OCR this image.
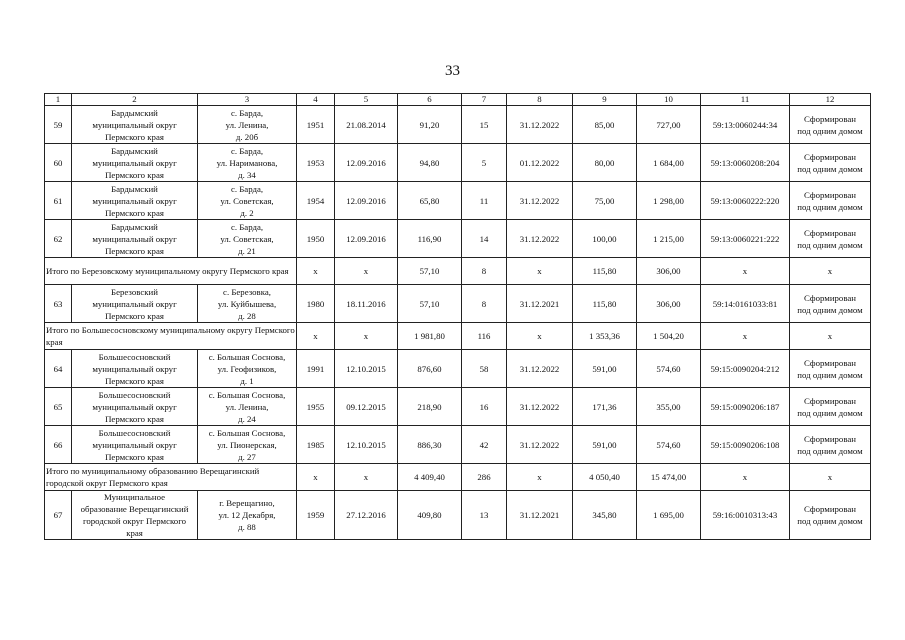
33
1	2	3	4	5	6	7	8	9	10	11	12
59	Бардымский
муниципальный округ
Пермского края	с. Барда,
ул. Ленина,
д. 20б	1951	21.08.2014	91,20	15	31.12.2022	85,00	727,00	59:13:0060244:34	Сформирован
под одним домом

60	Бардымский
муниципальный округ
Пермского края	с. Барда,
ул. Нариманова,
д. 34	1953	12.09.2016	94,80	5	01.12.2022	80,00	1 684,00	59:13:0060208:204	Сформирован
под одним домом

61	Бардымский
муниципальный округ
Пермского края	с. Барда,
ул. Советская,
д. 2	1954	12.09.2016	65,80	11	31.12.2022	75,00	1 298,00	59:13:0060222:220	Сформирован
под одним домом

62	Бардымский
муниципальный округ
Пермского края	с. Барда,
ул. Советская,
д. 21	1950	12.09.2016	116,90	14	31.12.2022	100,00	1 215,00	59:13:0060221:222	Сформирован
под одним домом

Итого по Березовскому муниципальному округу Пермского края			х	х	57,10	8	х	115,80	306,00	х	х
63	Березовский
муниципальный округ
Пермского края	с. Березовка,
ул. Куйбышева,
д. 28	1980	18.11.2016	57,10	8	31.12.2021	115,80	306,00	59:14:0161033:81	Сформирован
под одним домом

Итого по Большесосновскому муниципальному округу Пермского края			х	х	1 981,80	116	х	1 353,36	1 504,20	х	х
64	Большесосновский
муниципальный округ
Пермского края	с. Большая Соснова,
ул. Геофизиков,
д. 1	1991	12.10.2015	876,60	58	31.12.2022	591,00	574,60	59:15:0090204:212	Сформирован
под одним домом

65	Большесосновский
муниципальный округ
Пермского края	с. Большая Соснова,
ул. Ленина,
д. 24	1955	09.12.2015	218,90	16	31.12.2022	171,36	355,00	59:15:0090206:187	Сформирован
под одним домом

66	Большесосновский
муниципальный округ
Пермского края	с. Большая Соснова,
ул. Пионерская,
д. 27	1985	12.10.2015	886,30	42	31.12.2022	591,00	574,60	59:15:0090206:108	Сформирован
под одним домом

Итого по муниципальному образованию Верещагинский городской округ Пермского края			х	х	4 409,40	286	х	4 050,40	15 474,00	х	х
67	Муниципальное
образование Верещагинский
городской округ Пермского
края	г. Верещагино,
ул. 12 Декабря,
д. 88	1959	27.12.2016	409,80	13	31.12.2021	345,80	1 695,00	59:16:0010313:43	Сформирован
под одним домом
